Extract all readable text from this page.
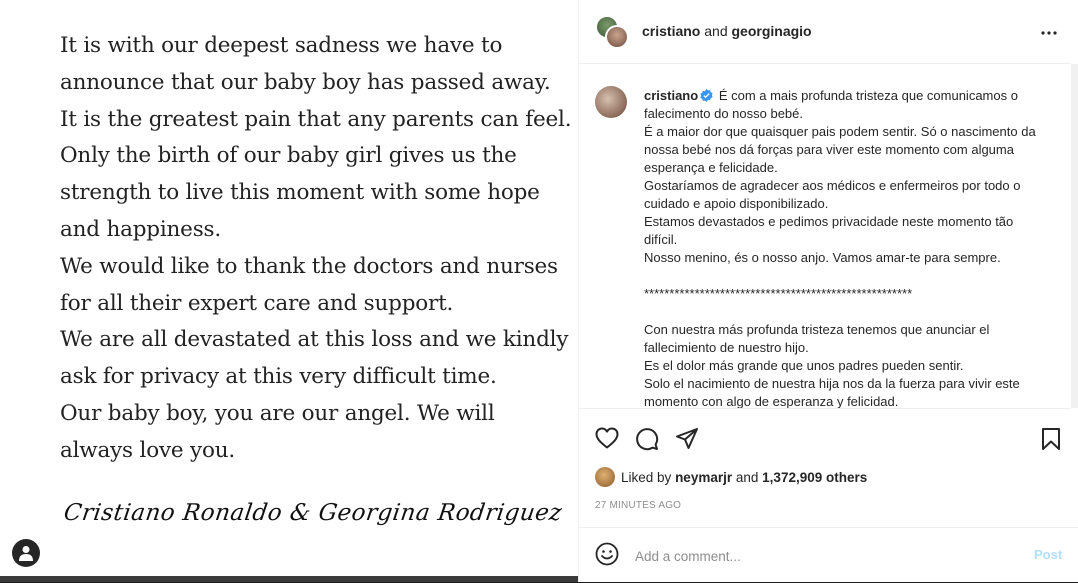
It is with our deepest sadness we have to
announce that our baby boy has passed away.
It is the greatest pain that any parents can feel.
Only the birth of our baby girl gives us the
strength to live this moment with some hope
and happiness.
We would like to thank the doctors and nurses
for all their expert care and support.
We are all devastated at this loss and we kindly
ask for privacy at this very difficult time.
Our baby boy, you are our angel. We will
always love you.
Cristiano Ronaldo & Georgina Rodriguez
cristiano and georginagio

cristiano É com a mais profunda tristeza que comunicamos o falecimento do nosso bebé.

É a maior dor que quaisquer pais podem sentir. Só o nascimento da nossa bebé nos dá forças para viver este momento com alguma esperança e felicidade.

Gostaríamos de agradecer aos médicos e enfermeiros por todo o cuidado e apoio disponibilizado.

Estamos devastados e pedimos privacidade neste momento tão difícil.

Nosso menino, és o nosso anjo. Vamos amar-te para sempre.

*****************************************************

Con nuestra más profunda tristeza tenemos que anunciar el fallecimiento de nuestro hijo.

Es el dolor más grande que unos padres pueden sentir.

Solo el nacimiento de nuestra hija nos da la fuerza para vivir este momento con algo de esperanza y felicidad.

Liked by neymarjr and 1,372,909 others
27 MINUTES AGO
Add a comment...
Post
